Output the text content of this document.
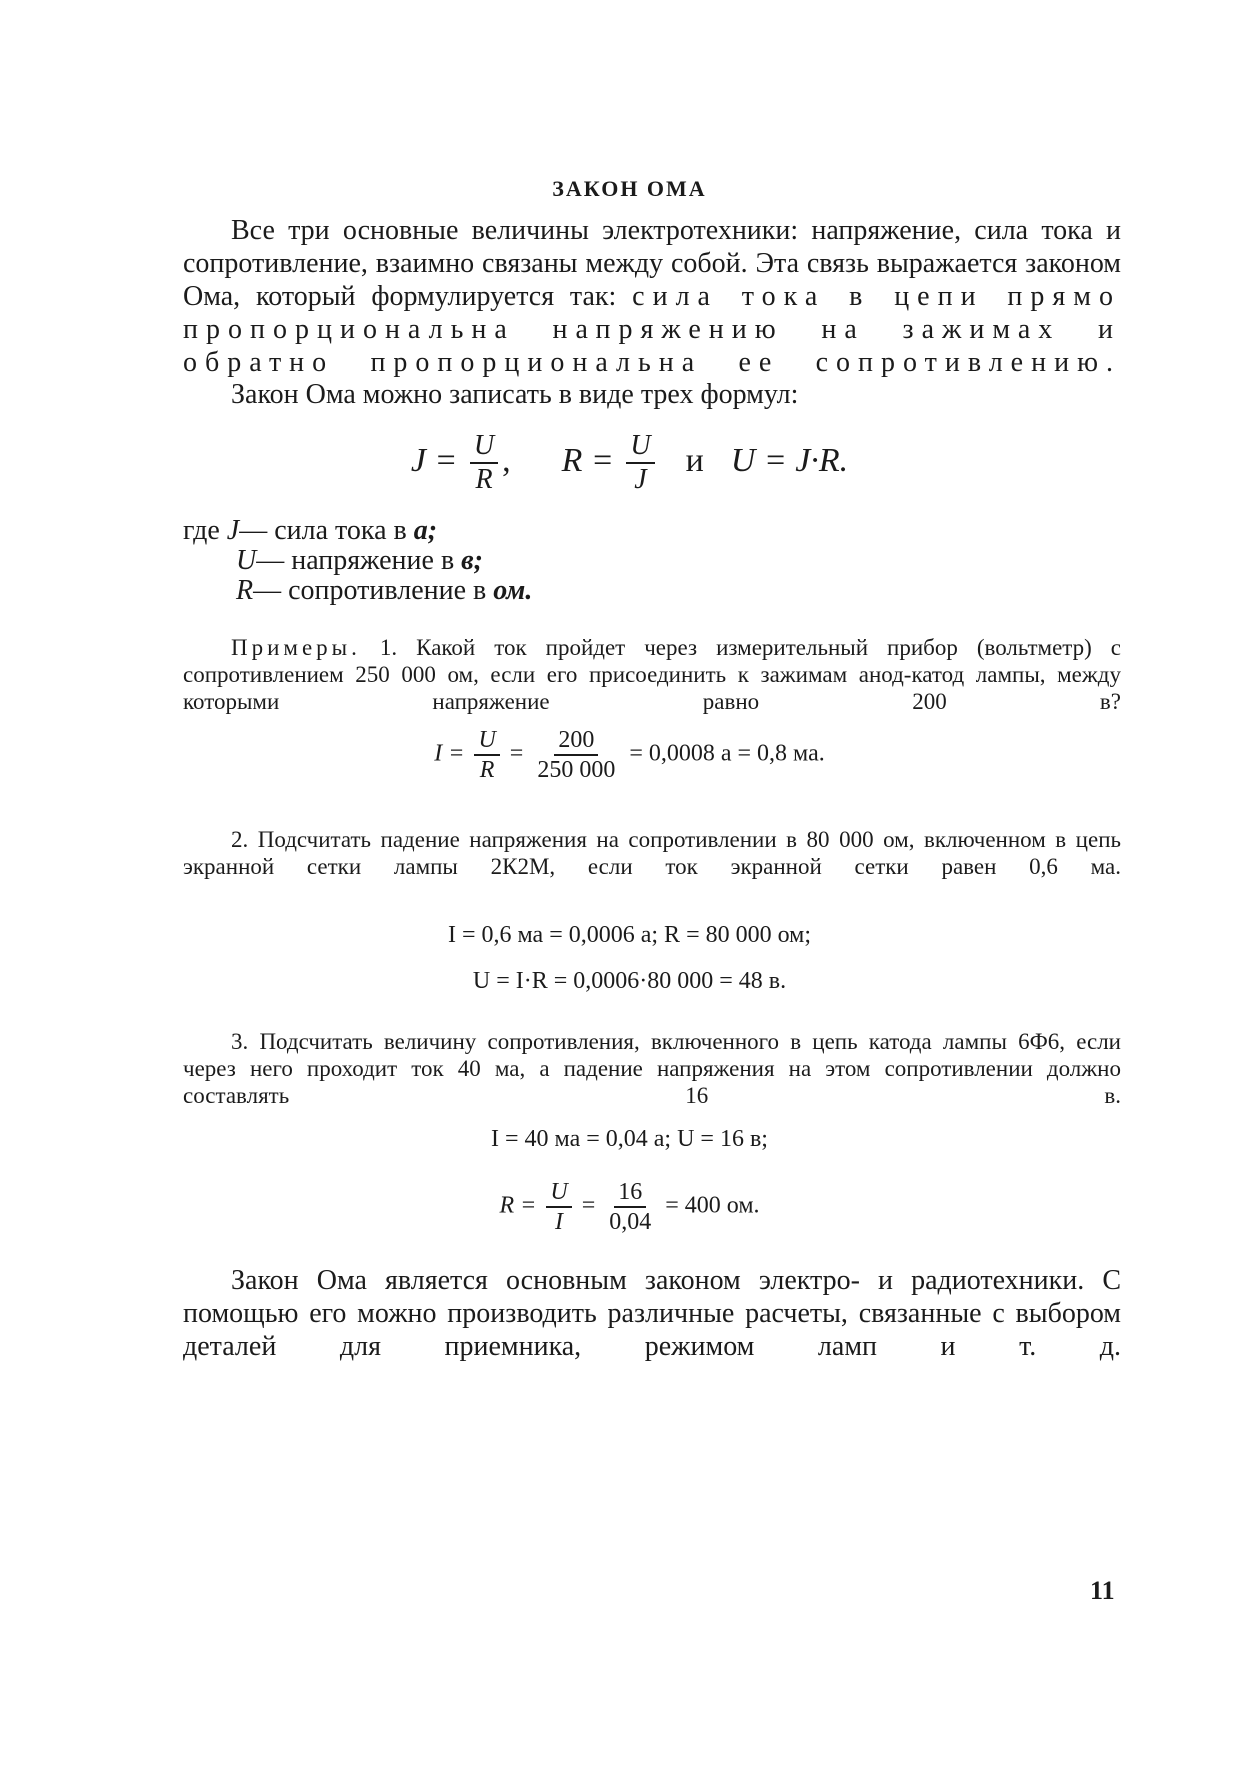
ЗАКОН ОМА
Все три основные величины электротехники: напряжение, сила тока и сопротивление, взаимно связаны между собой. Эта связь выражается законом Ома, который формулируется так: сила тока в цепи прямо пропорциональна напряжению на зажимах и обратно пропорциональна ее сопротивлению.
Закон Ома можно записать в виде трех формул:
$J = \frac{U}{R}$ , $R = \frac{U}{J}$ и U = J·R.
где J— сила тока в а;
U— напряжение в в;
R— сопротивление в ом.
Примеры. 1. Какой ток пройдет через измерительный прибор (вольтметр) с сопротивлением 250 000 ом, если его присоединить к зажимам анод-катод лампы, между которыми напряжение равно 200 в?
$I = \frac{U}{R} = \frac{200}{250 000} = 0,0008$ а = 0,8 ма.
2. Подсчитать падение напряжения на сопротивлении в 80 000 ом, включенном в цепь экранной сетки лампы 2К2М, если ток экранной сетки равен 0,6 ма.
I = 0,6 ма = 0,0006 а; R = 80 000 ом;
U = I·R = 0,0006·80 000 = 48 в.
3. Подсчитать величину сопротивления, включенного в цепь катода лампы 6Ф6, если через него проходит ток 40 ма, а падение напряжения на этом сопротивлении должно составлять 16 в.
I = 40 ма = 0,04 а; U = 16 в;
$R = \frac{U}{I} = \frac{16}{0,04} = 400$ ом.
Закон Ома является основным законом электро- и радиотехники. С помощью его можно производить различные расчеты, связанные с выбором деталей для приемника, режимом ламп и т. д.
11
